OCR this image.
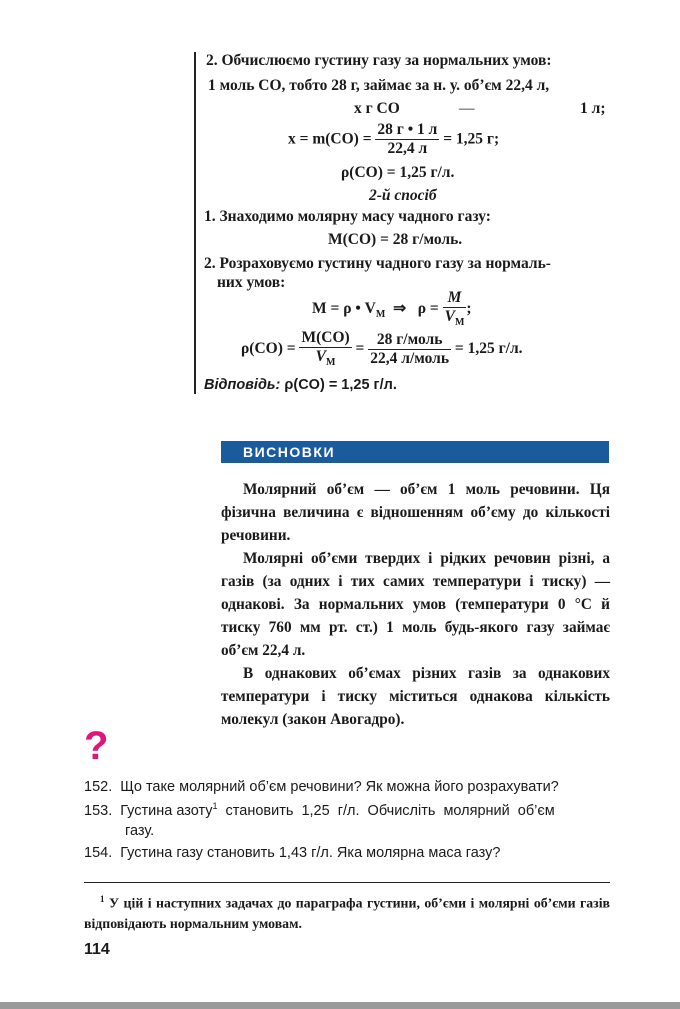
2. Обчислюємо густину газу за нормальних умов:
1 моль СО, тобто 28 г, займає за н. у. об’єм 22,4 л,
x г СО	—	1 л;
$x = m(CO) = \frac{28 г • 1 л}{22,4 л} = 1,25$ г;
ρ(CO) = 1,25 г/л.
2-й спосіб
1. Знаходимо молярну масу чадного газу:
M(CO) = 28 г/моль.
2. Розраховуємо густину чадного газу за нормаль-
них умов:
M = ρ • $V_M$ ⇒ $\rho = \frac{M}{V_M}$ ;
$\rho(CO) = \frac{M(CO)}{V_M} = \frac{\text{28 г/моль}}{\text{22,4 л/моль}} = 1,25$ г/л.
Відповідь: ρ(CO) = 1,25 г/л.
ВИСНОВКИ

Молярний об’єм — об’єм 1 моль речовини. Ця фізична величина є відношенням об’єму до кількості речовини.

Молярні об’єми твердих і рідких речовин різні, а газів (за одних і тих самих температури і тиску) — однакові. За нормальних умов (температури 0 °С й тиску 760 мм рт. ст.) 1 моль будь-якого газу займає об’єм 22,4 л.

В однакових об’ємах різних газів за однакових температури і тиску міститься однакова кількість молекул (закон Авогадро).

?
152. Що таке молярний об’єм речовини? Як можна його розрахувати?
153. Густина азоту$^1$ становить 1,25 г/л. Обчисліть молярний об’єм
газу.
154. Густина газу становить 1,43 г/л. Яка молярна маса газу?
$^1$ У цій і наступних задачах до параграфа густини, об’єми і молярні об’єми газів відповідають нормальним умовам.
114
